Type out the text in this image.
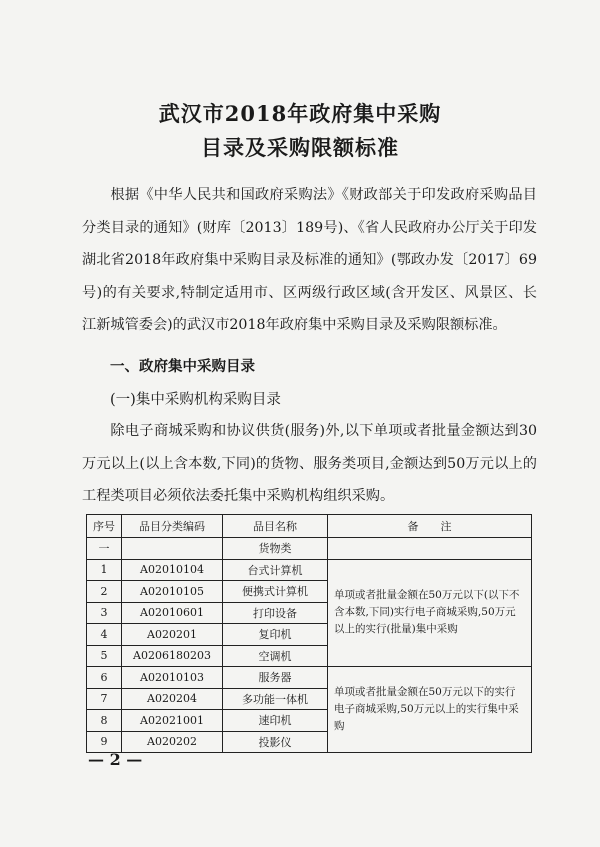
武汉市2018年政府集中采购
目录及采购限额标准

根据《中华人民共和国政府采购法》《财政部关于印发政府采购品目分类目录的通知》(财库〔2013〕189号)、《省人民政府办公厅关于印发湖北省2018年政府集中采购目录及标准的通知》(鄂政办发〔2017〕69号)的有关要求,特制定适用市、区两级行政区域(含开发区、风景区、长江新城管委会)的武汉市2018年政府集中采购目录及采购限额标准。

一、政府集中采购目录
(一)集中采购机构采购目录

除电子商城采购和协议供货(服务)外,以下单项或者批量金额达到30万元以上(以上含本数,下同)的货物、服务类项目,金额达到50万元以上的工程类项目必须依法委托集中采购机构组织采购。

序号	品目分类编码	品目名称	备　　注
一		货物类	
1	A02010104	台式计算机	单项或者批量金额在50万元以下(以下不含本数,下同)实行电子商城采购,50万元以上的实行(批量)集中采购
2	A02010105	便携式计算机	
3	A02010601	打印设备	
4	A020201	复印机	
5	A0206180203	空调机	
6	A02010103	服务器	单项或者批量金额在50万元以下的实行电子商城采购,50万元以上的实行集中采购
7	A020204	多功能一体机	
8	A02021001	速印机	
9	A020202	投影仪	
— 2 —
